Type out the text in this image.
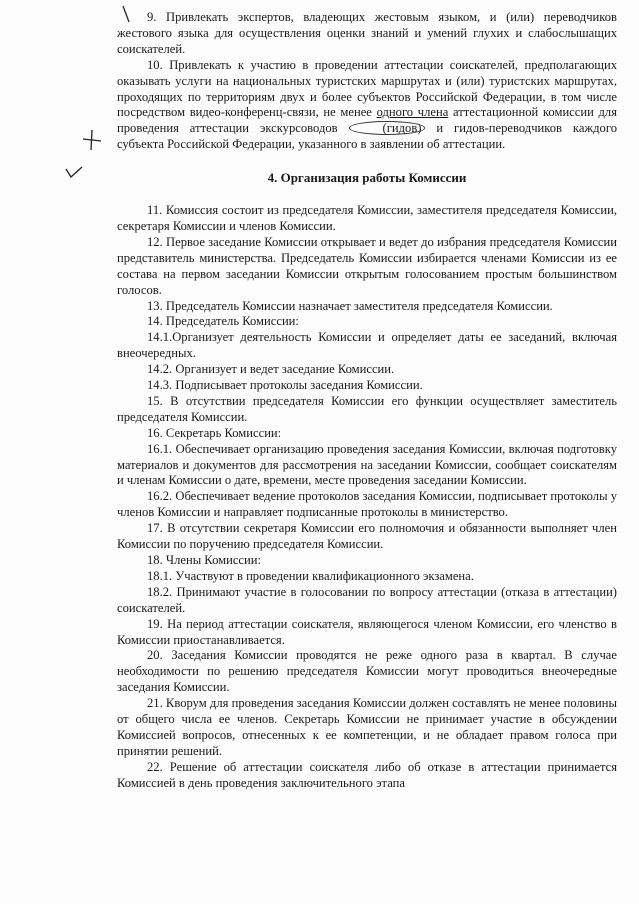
9. Привлекать экспертов, владеющих жестовым языком, и (или) переводчиков жестового языка для осуществления оценки знаний и умений глухих и слабослышащих соискателей.

10. Привлекать к участию в проведении аттестации соискателей, предполагающих оказывать услуги на национальных туристских маршрутах и (или) туристских маршрутах, проходящих по территориям двух и более субъектов Российской Федерации, в том числе посредством видео-конференц-связи, не менее одного члена аттестационной комиссии для проведения аттестации экскурсоводов	(гидов) и гидов-переводчиков каждого субъекта Российской Федерации, указанного в заявлении об аттестации.

4. Организация работы Комиссии

11. Комиссия состоит из председателя Комиссии, заместителя председателя Комиссии, секретаря Комиссии и членов Комиссии.

12. Первое заседание Комиссии открывает и ведет до избрания председателя Комиссии представитель министерства. Председатель Комиссии избирается членами Комиссии из ее состава на первом заседании Комиссии открытым голосованием простым большинством голосов.

13. Председатель Комиссии назначает заместителя председателя Комиссии.

14. Председатель Комиссии:

14.1.Организует деятельность Комиссии и определяет даты ее заседаний, включая внеочередных.

14.2. Организует и ведет заседание Комиссии.

14.3. Подписывает протоколы заседания Комиссии.

15. В отсутствии председателя Комиссии его функции осуществляет заместитель председателя Комиссии.

16. Секретарь Комиссии:

16.1. Обеспечивает организацию проведения заседания Комиссии, включая подготовку материалов и документов для рассмотрения на заседании Комиссии, сообщает соискателям и членам Комиссии о дате, времени, месте проведения заседании Комиссии.

16.2. Обеспечивает ведение протоколов заседания Комиссии, подписывает протоколы у членов Комиссии и направляет подписанные протоколы в министерство.

17. В отсутствии секретаря Комиссии его полномочия и обязанности выполняет член Комиссии по поручению председателя Комиссии.

18. Члены Комиссии:

18.1. Участвуют в проведении квалификационного экзамена.

18.2. Принимают участие в голосовании по вопросу аттестации (отказа в аттестации) соискателей.

19. На период аттестации соискателя, являющегося членом Комиссии, его членство в Комиссии приостанавливается.

20. Заседания Комиссии проводятся не реже одного раза в квартал. В случае необходимости по решению председателя Комиссии могут проводиться внеочередные заседания Комиссии.

21. Кворум для проведения заседания Комиссии должен составлять не менее половины от общего числа ее членов. Секретарь Комиссии не принимает участие в обсуждении Комиссией вопросов, отнесенных к ее компетенции, и не обладает правом голоса при принятии решений.

22. Решение об аттестации соискателя либо об отказе в аттестации принимается Комиссией в день проведения заключительного этапа
